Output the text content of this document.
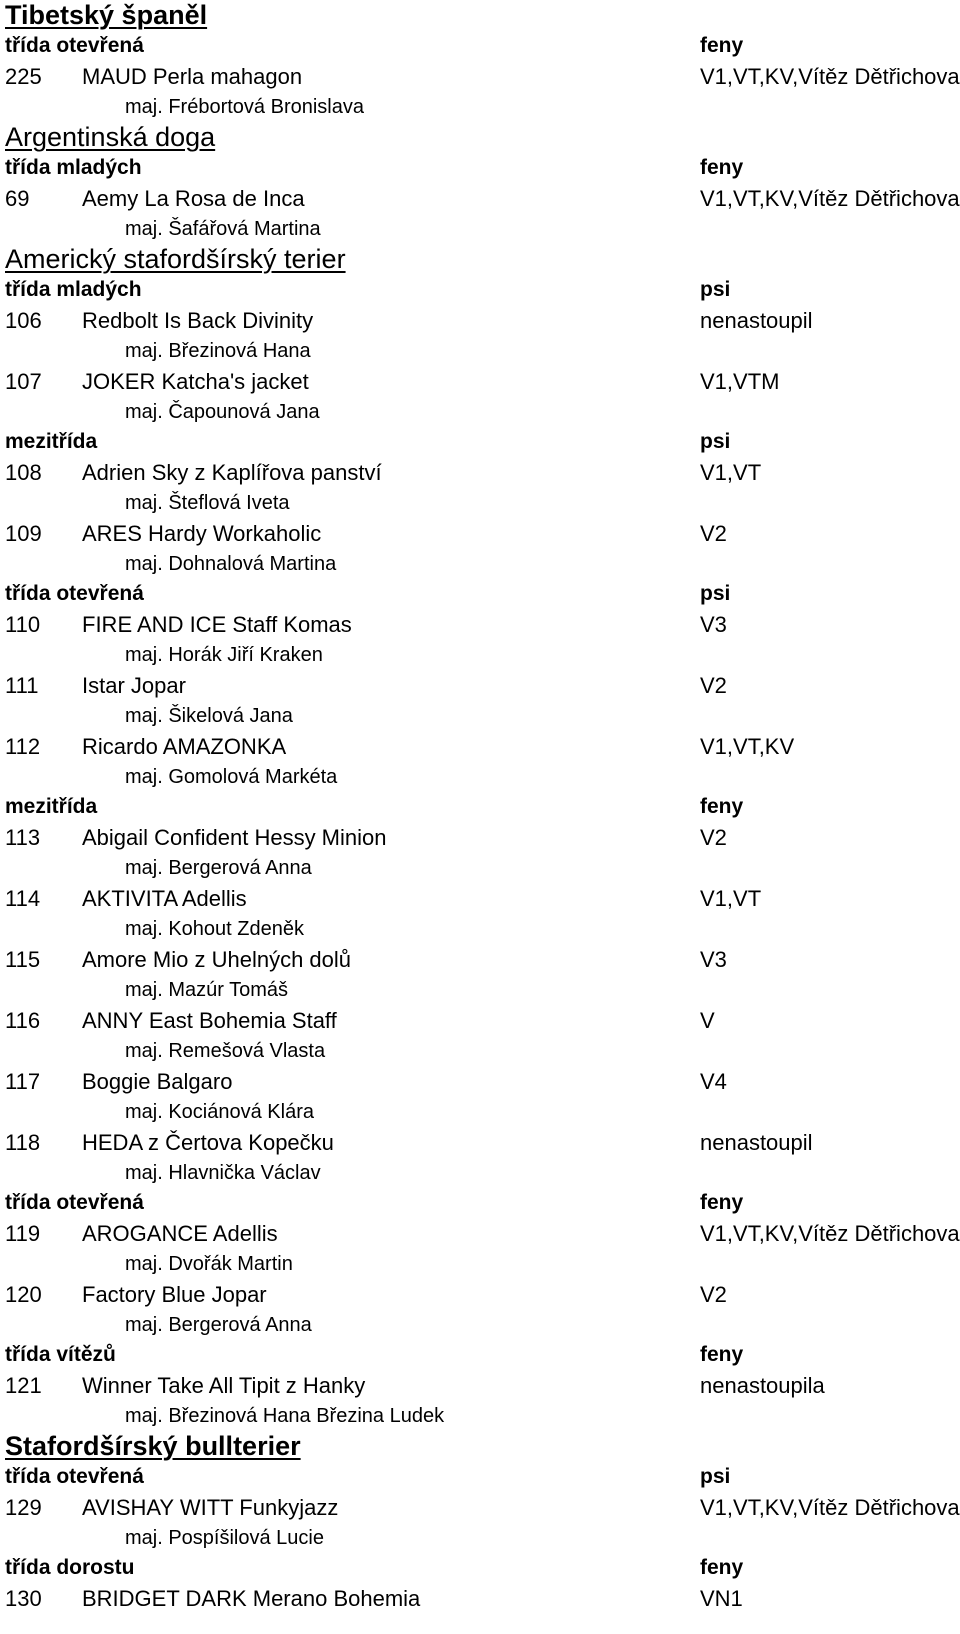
Tibetský španěl
třída otevřená	feny
225 MAUD Perla mahagon	V1,VT,KV,Vítěz Dětřichova
maj. Frébortová Bronislava
Argentinská doga
třída mladých	feny
69 Aemy La Rosa de Inca	V1,VT,KV,Vítěz Dětřichova
maj. Šafářová Martina
Americký stafordšírský terier
třída mladých	psi
106 Redbolt Is Back Divinity	nenastoupil
maj. Březinová Hana
107 JOKER Katcha's jacket	V1,VTM
maj. Čapounová Jana
mezitřída	psi
108 Adrien Sky z Kaplířova panství	V1,VT
maj. Šteflová Iveta
109 ARES Hardy Workaholic	V2
maj. Dohnalová Martina
třída otevřená	psi
110 FIRE AND ICE Staff Komas	V3
maj. Horák Jiří Kraken
111 Istar Jopar	V2
maj. Šikelová Jana
112 Ricardo AMAZONKA	V1,VT,KV
maj. Gomolová Markéta
mezitřída	feny
113 Abigail Confident Hessy Minion	V2
maj. Bergerová Anna
114 AKTIVITA Adellis	V1,VT
maj. Kohout Zdeněk
115 Amore Mio z Uhelných dolů	V3
maj. Mazúr Tomáš
116 ANNY East Bohemia Staff	V
maj. Remešová Vlasta
117 Boggie Balgaro	V4
maj. Kociánová Klára
118 HEDA z Čertova Kopečku	nenastoupil
maj. Hlavnička Václav
třída otevřená	feny
119 AROGANCE Adellis	V1,VT,KV,Vítěz Dětřichova
maj. Dvořák Martin
120 Factory Blue Jopar	V2
maj. Bergerová Anna
třída vítězů	feny
121 Winner Take All Tipit z Hanky	nenastoupila
maj. Březinová Hana Březina Ludek
Stafordšírský bullterier
třída otevřená	psi
129 AVISHAY WITT Funkyjazz	V1,VT,KV,Vítěz Dětřichova
maj. Pospíšilová Lucie
třída dorostu	feny
130 BRIDGET DARK Merano Bohemia	VN1
